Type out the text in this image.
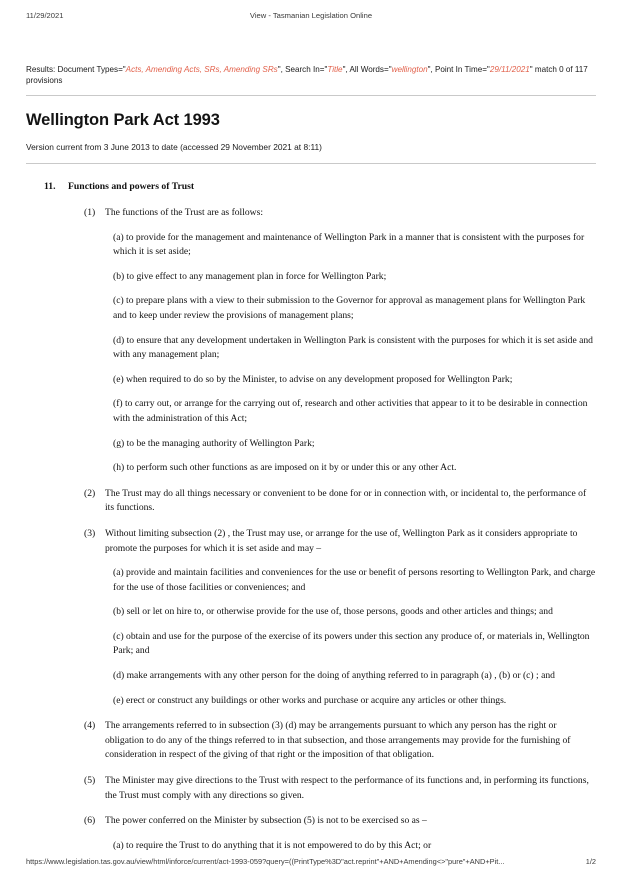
11/29/2021	View - Tasmanian Legislation Online

Results: Document Types="Acts, Amending Acts, SRs, Amending SRs", Search In="Title", All Words="wellington", Point In Time="29/11/2021" match 0 of 117 provisions

Wellington Park Act 1993

Version current from 3 June 2013 to date (accessed 29 November 2021 at 8:11)

11. Functions and powers of Trust
(1)	The functions of the Trust are as follows:
(a) to provide for the management and maintenance of Wellington Park in a manner that is consistent with the purposes for which it is set aside;
(b) to give effect to any management plan in force for Wellington Park;
(c) to prepare plans with a view to their submission to the Governor for approval as management plans for Wellington Park and to keep under review the provisions of management plans;
(d) to ensure that any development undertaken in Wellington Park is consistent with the purposes for which it is set aside and with any management plan;
(e) when required to do so by the Minister, to advise on any development proposed for Wellington Park;
(f) to carry out, or arrange for the carrying out of, research and other activities that appear to it to be desirable in connection with the administration of this Act;
(g) to be the managing authority of Wellington Park;
(h) to perform such other functions as are imposed on it by or under this or any other Act.
(2)	The Trust may do all things necessary or convenient to be done for or in connection with, or incidental to, the performance of its functions.
(3)	Without limiting subsection (2) , the Trust may use, or arrange for the use of, Wellington Park as it considers appropriate to promote the purposes for which it is set aside and may –
(a) provide and maintain facilities and conveniences for the use or benefit of persons resorting to Wellington Park, and charge for the use of those facilities or conveniences; and
(b) sell or let on hire to, or otherwise provide for the use of, those persons, goods and other articles and things; and
(c) obtain and use for the purpose of the exercise of its powers under this section any produce of, or materials in, Wellington Park; and
(d) make arrangements with any other person for the doing of anything referred to in paragraph (a) , (b) or (c) ; and
(e) erect or construct any buildings or other works and purchase or acquire any articles or other things.
(4)	The arrangements referred to in subsection (3) (d) may be arrangements pursuant to which any person has the right or obligation to do any of the things referred to in that subsection, and those arrangements may provide for the furnishing of consideration in respect of the giving of that right or the imposition of that obligation.
(5)	The Minister may give directions to the Trust with respect to the performance of its functions and, in performing its functions, the Trust must comply with any directions so given.
(6)	The power conferred on the Minister by subsection (5) is not to be exercised so as –
(a) to require the Trust to do anything that it is not empowered to do by this Act; or
https://www.legislation.tas.gov.au/view/html/inforce/current/act-1993-059?query=((PrintType%3D"act.reprint"+AND+Amending<>"pure"+AND+Pit...	1/2
